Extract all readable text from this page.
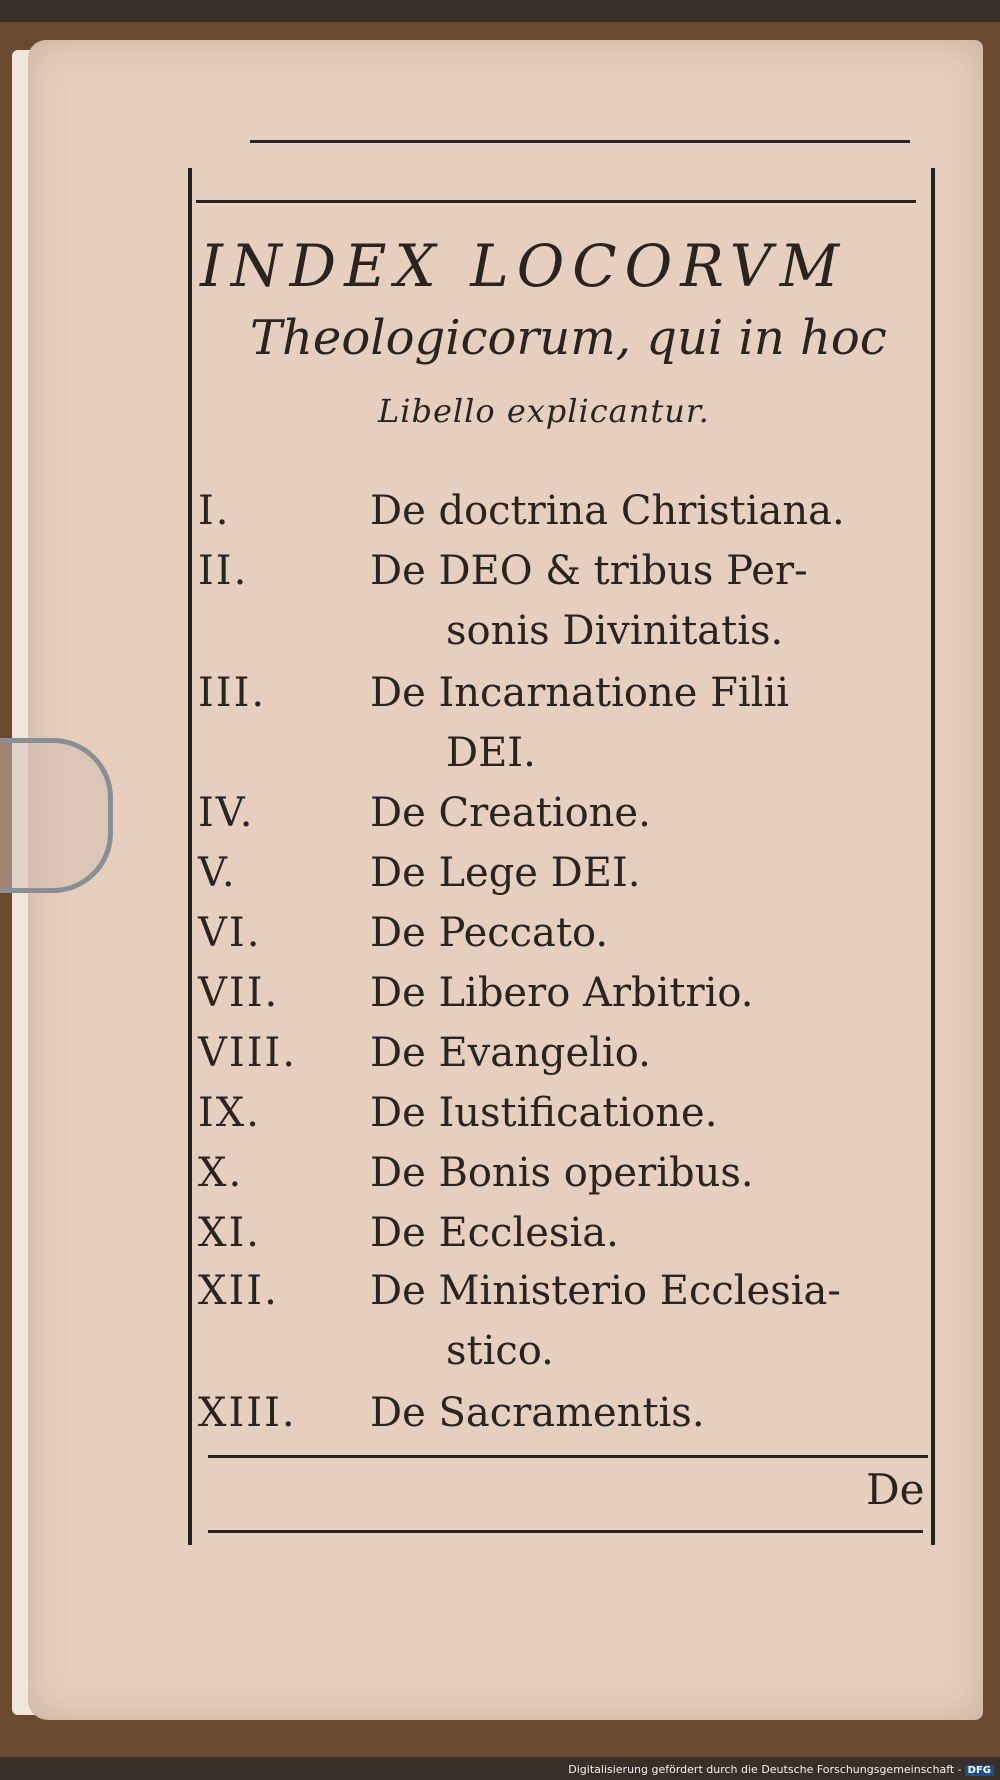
INDEX LOCORVM
Theologicorum, qui in hoc
Libello explicantur.
I.	De doctrina Christiana.
II.	De DEO & tribus Per-
sonis Divinitatis.
III.	De Incarnatione Filii
DEI.
IV.	De Creatione.
V.	De Lege DEI.
VI.	De Peccato.
VII. De Libero Arbitrio.
VIII. De Evangelio.
IX.	De Iustificatione.
X.	De Bonis operibus.
XI.	De Ecclesia.
XII. De Ministerio Ecclesia-
stico.
XIII. De Sacramentis.
De
Digitalisierung gefördert durch die Deutsche Forschungsgemeinschaft - DFG
